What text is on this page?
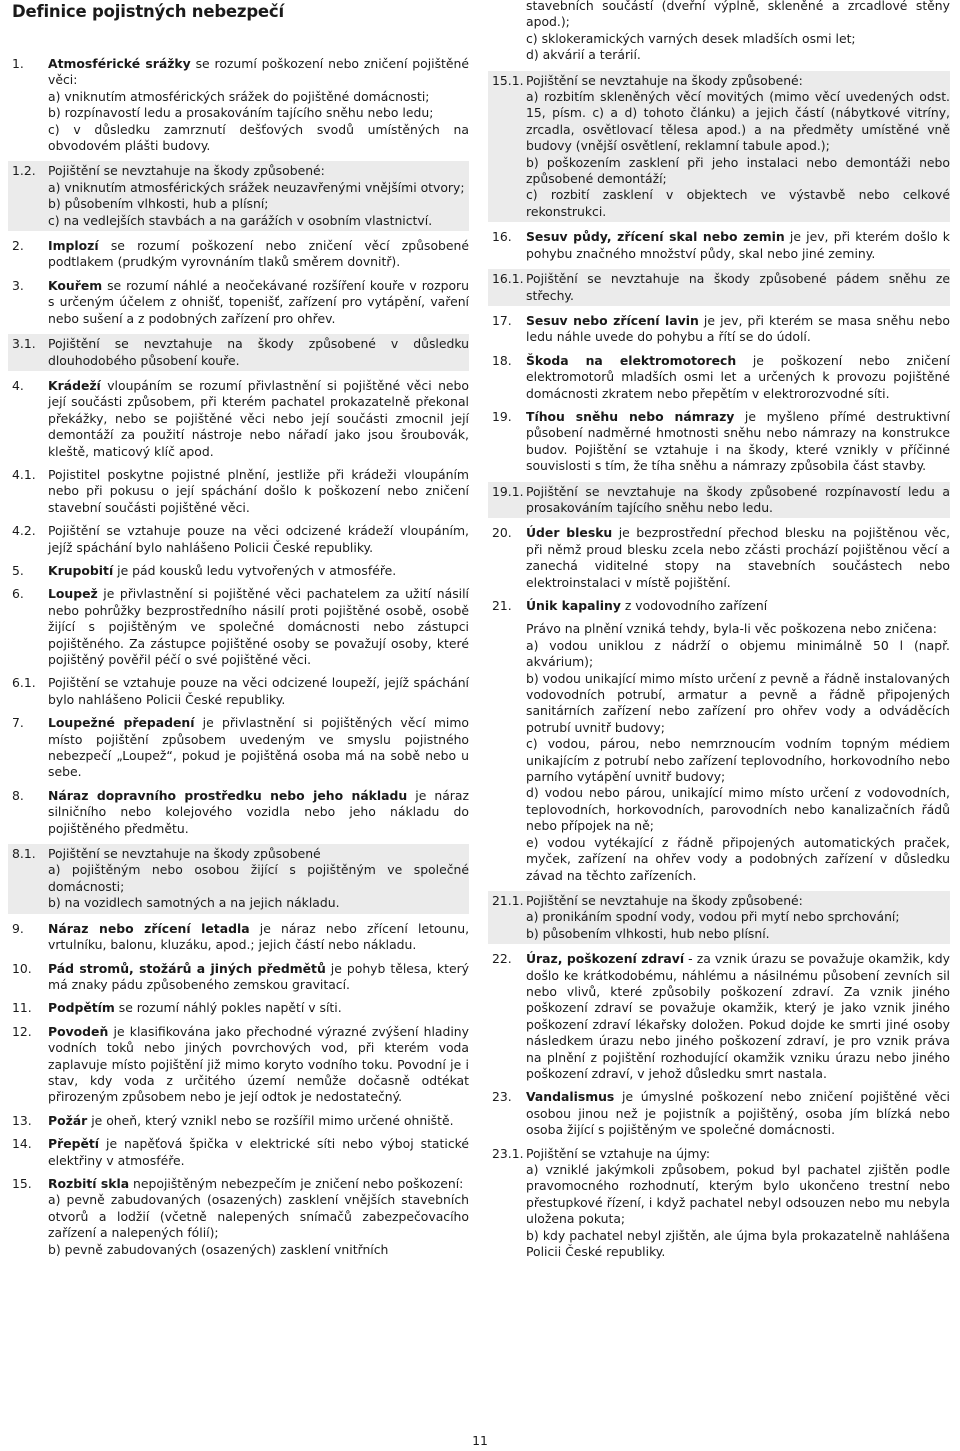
Definice pojistných nebezpečí
1.	Atmosférické srážky se rozumí poškození nebo zničení pojištěné věci:
a) vniknutím atmosférických srážek do pojištěné domácnosti;
b) rozpínavostí ledu a prosakováním tajícího sněhu nebo ledu;
c) v důsledku zamrznutí dešťových svodů umístěných na obvodovém plášti budovy.
1.2. Pojištění se nevztahuje na škody způsobené:
a) vniknutím atmosférických srážek neuzavřenými vnějšími otvory;
b) působením vlhkosti, hub a plísní;
c) na vedlejších stavbách a na garážích v osobním vlastnictví.
2.	Implozí se rozumí poškození nebo zničení věcí způsobené podtlakem (prudkým vyrovnáním tlaků směrem dovnitř).
3.	Kouřem se rozumí náhlé a neočekávané rozšíření kouře v rozporu s určeným účelem z ohnišť, topenišť, zařízení pro vytápění, vaření nebo sušení a z podobných zařízení pro ohřev.
3.1. Pojištění se nevztahuje na škody způsobené v důsledku dlouhodobého působení kouře.
4.	Krádeží vloupáním se rozumí přivlastnění si pojištěné věci nebo její součásti způsobem, při kterém pachatel prokazatelně překonal překážky, nebo se pojištěné věci nebo její součásti zmocnil její demontáží za použití nástroje nebo nářadí jako jsou šroubovák, kleště, maticový klíč apod.
4.1. Pojistitel poskytne pojistné plnění, jestliže při krádeži vloupáním nebo při pokusu o její spáchání došlo k poškození nebo zničení stavební součásti pojištěné věci.
4.2. Pojištění se vztahuje pouze na věci odcizené krádeží vloupáním, jejíž spáchání bylo nahlášeno Policii České republiky.
5.	Krupobití je pád kousků ledu vytvořených v atmosféře.
6.	Loupež je přivlastnění si pojištěné věci pachatelem za užití násilí nebo pohrůžky bezprostředního násilí proti pojištěné osobě, osobě žijící s pojištěným ve společné domácnosti nebo zástupci pojištěného. Za zástupce pojištěné osoby se považují osoby, které pojištěný pověřil péčí o své pojištěné věci.
6.1. Pojištění se vztahuje pouze na věci odcizené loupeží, jejíž spáchání bylo nahlášeno Policii České republiky.
7.	Loupežné přepadení je přivlastnění si pojištěných věcí mimo místo pojištění způsobem uvedeným ve smyslu pojistného nebezpečí „Loupež“, pokud je pojištěná osoba má na sobě nebo u sebe.
8.	Náraz dopravního prostředku nebo jeho nákladu je náraz silničního nebo kolejového vozidla nebo jeho nákladu do pojištěného předmětu.
8.1. Pojištění se nevztahuje na škody způsobené
a) pojištěným nebo osobou žijící s pojištěným ve společné domácnosti;
b) na vozidlech samotných a na jejich nákladu.
9.	Náraz nebo zřícení letadla je náraz nebo zřícení letounu, vrtulníku, balonu, kluzáku, apod.; jejich částí nebo nákladu.
10.	Pád stromů, stožárů a jiných předmětů je pohyb tělesa, který má znaky pádu způsobeného zemskou gravitací.
11.	Podpětím se rozumí náhlý pokles napětí v síti.
12.	Povodeň je klasifikována jako přechodné výrazné zvýšení hladiny vodních toků nebo jiných povrchových vod, při kterém voda zaplavuje místo pojištění již mimo koryto vodního toku. Povodní je i stav, kdy voda z určitého území nemůže dočasně odtékat přirozeným způsobem nebo je její odtok je nedostatečný.
13.	Požár je oheň, který vznikl nebo se rozšířil mimo určené ohniště.
14.	Přepětí je napěťová špička v elektrické síti nebo výboj statické elektřiny v atmosféře.
15.	Rozbití skla nepojištěným nebezpečím je zničení nebo poškození:
a) pevně zabudovaných (osazených) zasklení vnějších stavebních otvorů a lodžií (včetně nalepených snímačů zabezpečovacího zařízení a nalepených fólií);
b) pevně zabudovaných (osazených) zasklení vnitřních
stavebních součástí (dveřní výplně, skleněné a zrcadlové stěny apod.);
c) sklokeramických varných desek mladších osmi let;
d) akvárií a terárií.
15.1. Pojištění se nevztahuje na škody způsobené:
a) rozbitím skleněných věcí movitých (mimo věcí uvedených odst. 15, písm. c) a d) tohoto článku) a jejich částí (nábytkové vitríny, zrcadla, osvětlovací tělesa apod.) a na předměty umístěné vně budovy (vnější osvětlení, reklamní tabule apod.);
b) poškozením zasklení při jeho instalaci nebo demontáži nebo způsobené demontáží;
c) rozbití zasklení v objektech ve výstavbě nebo celkové rekonstrukci.
16.	Sesuv půdy, zřícení skal nebo zemin je jev, při kterém došlo k pohybu značného množství půdy, skal nebo jiné zeminy.
16.1. Pojištění se nevztahuje na škody způsobené pádem sněhu ze střechy.
17.	Sesuv nebo zřícení lavin je jev, při kterém se masa sněhu nebo ledu náhle uvede do pohybu a řítí se do údolí.
18.	Škoda na elektromotorech je poškození nebo zničení elektromotorů mladších osmi let a určených k provozu pojištěné domácnosti zkratem nebo přepětím v elektrorozvodné síti.
19.	Tíhou sněhu nebo námrazy je myšleno přímé destruktivní působení nadměrné hmotnosti sněhu nebo námrazy na konstrukce budov. Pojištění se vztahuje i na škody, které vznikly v příčinné souvislosti s tím, že tíha sněhu a námrazy způsobila část stavby.
19.1. Pojištění se nevztahuje na škody způsobené rozpínavostí ledu a prosakováním tajícího sněhu nebo ledu.
20.	Úder blesku je bezprostřední přechod blesku na pojištěnou věc, při němž proud blesku zcela nebo zčásti prochází pojištěnou věcí a zanechá viditelné stopy na stavebních součástech nebo elektroinstalaci v místě pojištění.
21.	Únik kapaliny z vodovodního zařízení
Právo na plnění vzniká tehdy, byla-li věc poškozena nebo zničena:
a) vodou uniklou z nádrží o objemu minimálně 50 l (např. akvárium);
b) vodou unikající mimo místo určení z pevně a řádně instalovaných vodovodních potrubí, armatur a pevně a řádně připojených sanitárních zařízení nebo zařízení pro ohřev vody a odváděcích potrubí uvnitř budovy;
c) vodou, párou, nebo nemrznoucím vodním topným médiem unikajícím z potrubí nebo zařízení teplovodního, horkovodního nebo parního vytápění uvnitř budovy;
d) vodou nebo párou, unikající mimo místo určení z vodovodních, teplovodních, horkovodních, parovodních nebo kanalizačních řádů nebo přípojek na ně;
e) vodou vytékající z řádně připojených automatických praček, myček, zařízení na ohřev vody a podobných zařízení v důsledku závad na těchto zařízeních.
21.1. Pojištění se nevztahuje na škody způsobené:
a) pronikáním spodní vody, vodou při mytí nebo sprchování;
b) působením vlhkosti, hub nebo plísní.
22.	Úraz, poškození zdraví - za vznik úrazu se považuje okamžik, kdy došlo ke krátkodobému, náhlému a násilnému působení zevních sil nebo vlivů, které způsobily poškození zdraví. Za vznik jiného poškození zdraví se považuje okamžik, který je jako vznik jiného poškození zdraví lékařsky doložen. Pokud dojde ke smrti jiné osoby následkem úrazu nebo jiného poškození zdraví, je pro vznik práva na plnění z pojištění rozhodující okamžik vzniku úrazu nebo jiného poškození zdraví, v jehož důsledku smrt nastala.
23.	Vandalismus je úmyslné poškození nebo zničení pojištěné věci osobou jinou než je pojistník a pojištěný, osoba jím blízká nebo osoba žijící s pojištěným ve společné domácnosti.
23.1. Pojištění se vztahuje na újmy:
a) vzniklé jakýmkoli způsobem, pokud byl pachatel zjištěn podle pravomocného rozhodnutí, kterým bylo ukončeno trestní nebo přestupkové řízení, i když pachatel nebyl odsouzen nebo mu nebyla uložena pokuta;
b) kdy pachatel nebyl zjištěn, ale újma byla prokazatelně nahlášena Policii České republiky.
11
